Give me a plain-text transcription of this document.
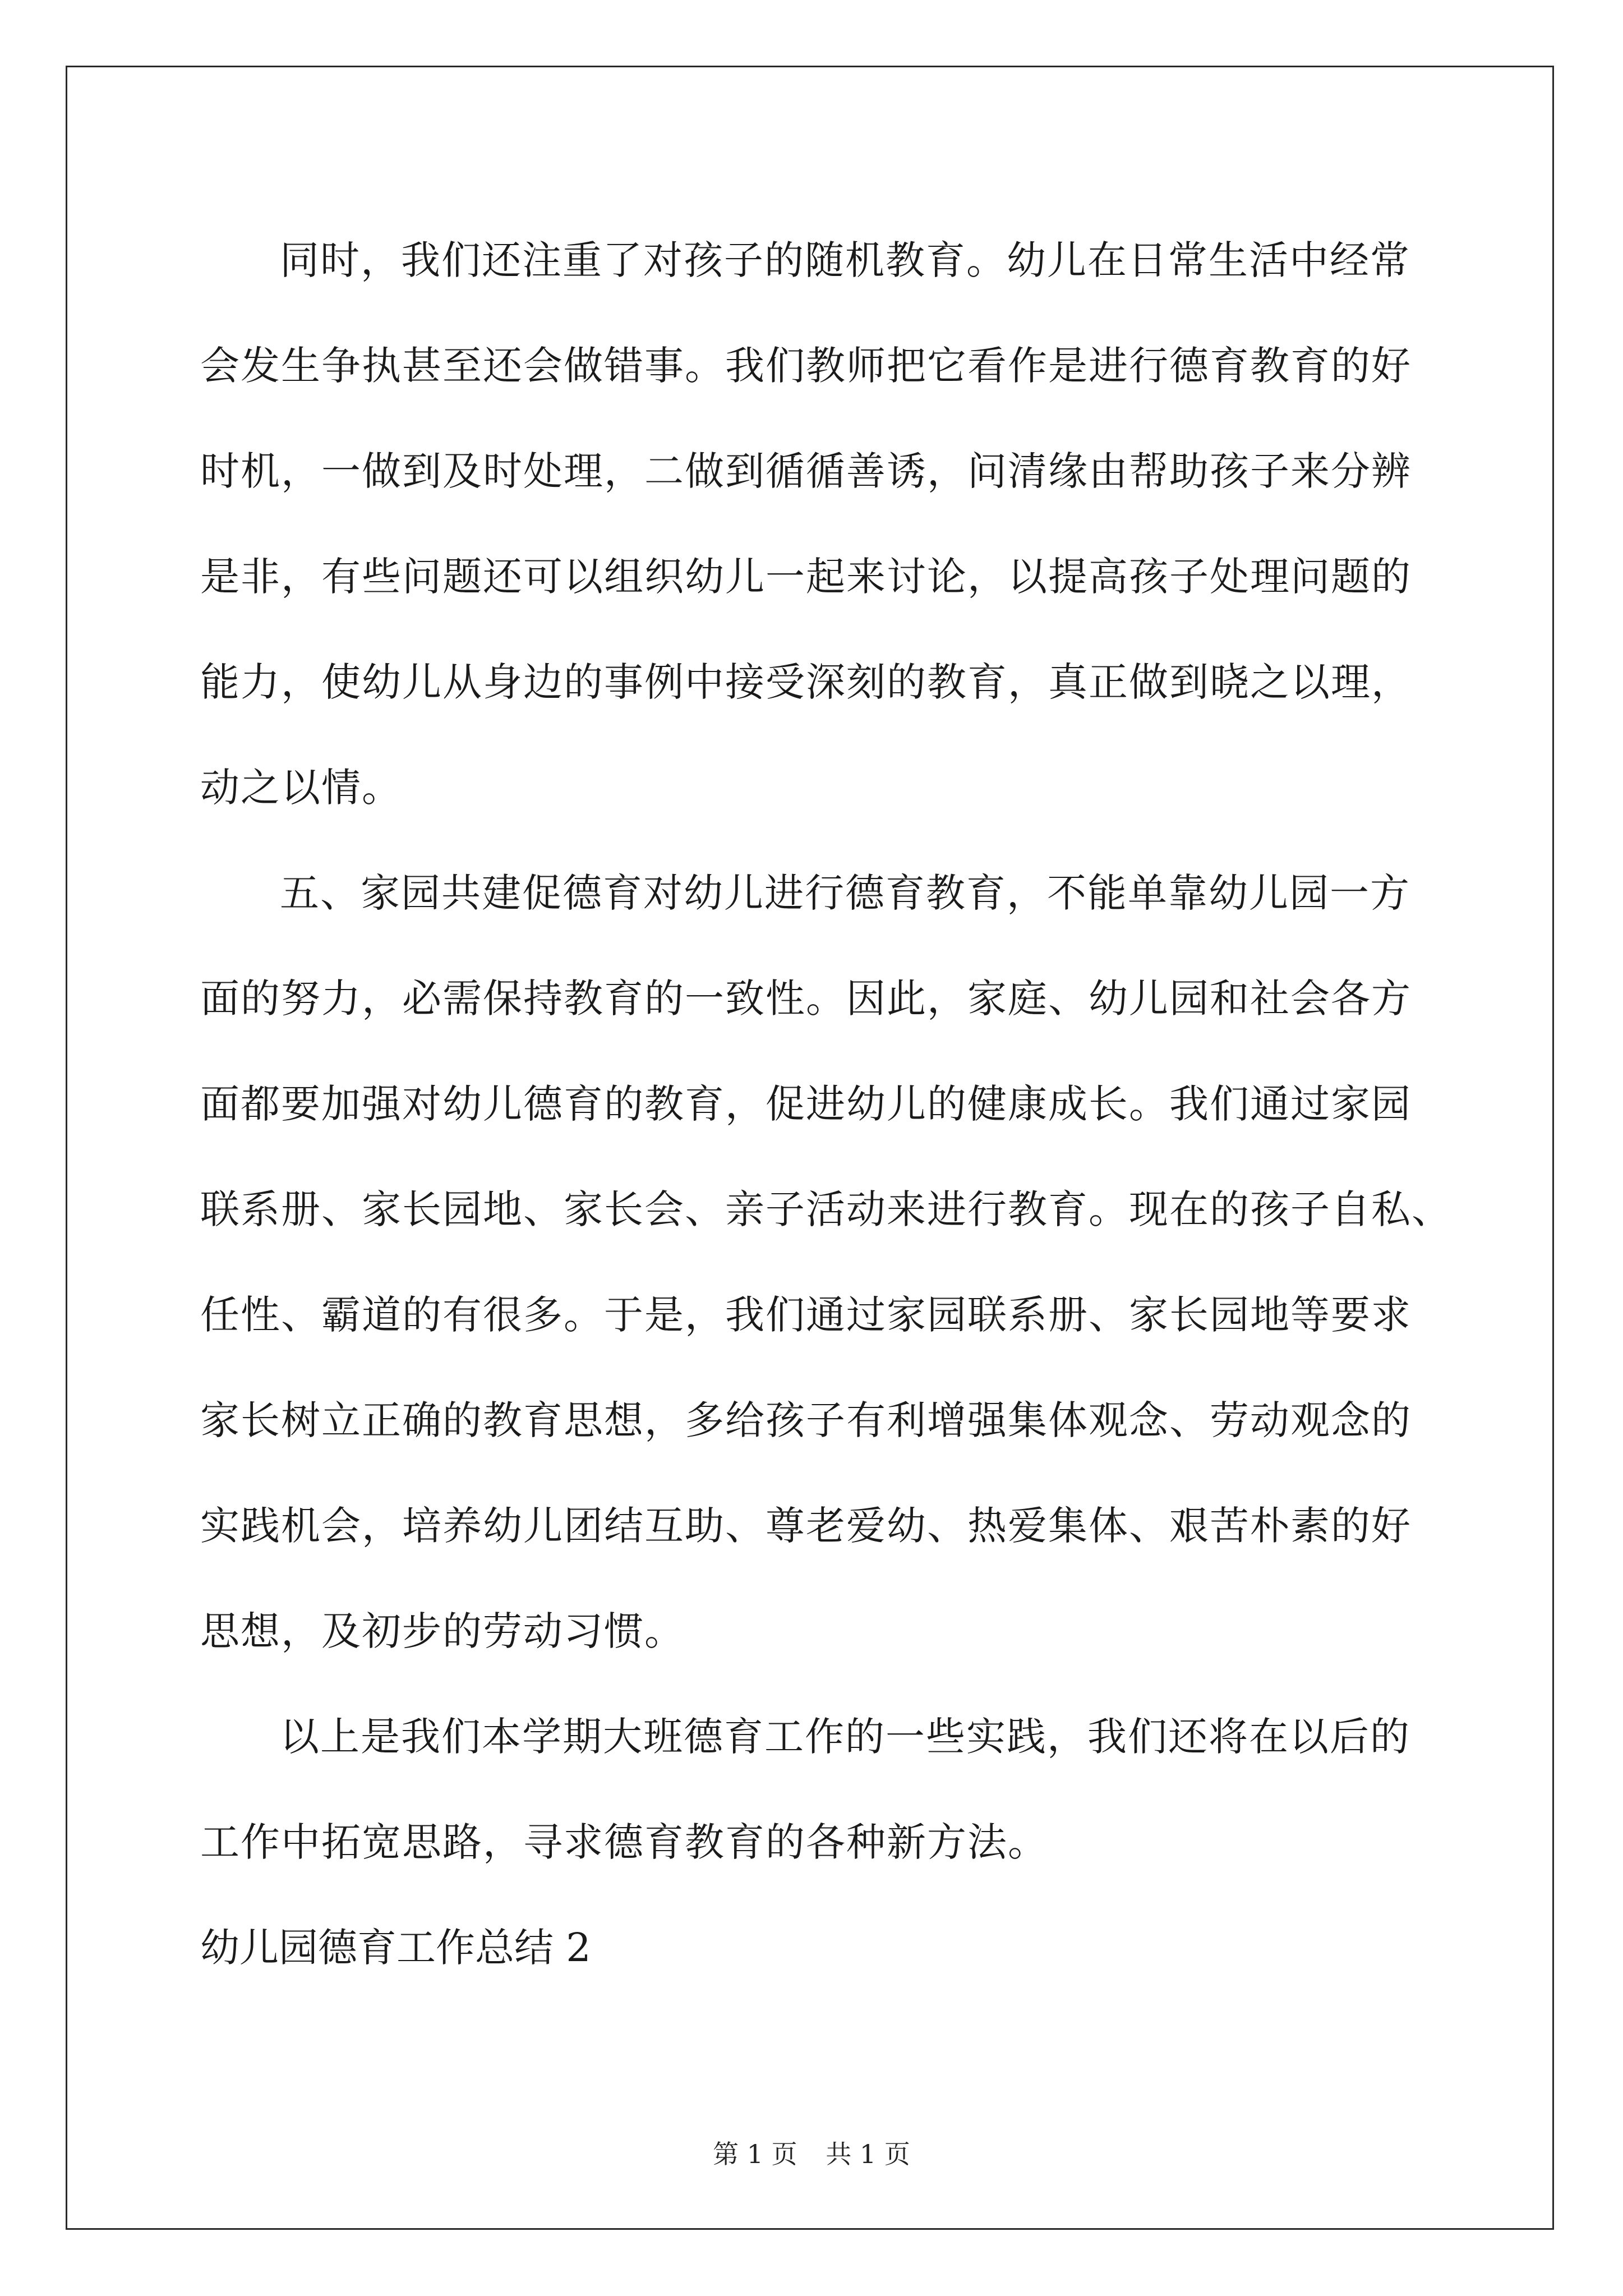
同时，我们还注重了对孩子的随机教育。幼儿在日常生活中经常
会发生争执甚至还会做错事。我们教师把它看作是进行德育教育的好
时机，一做到及时处理，二做到循循善诱，问清缘由帮助孩子来分辨
是非，有些问题还可以组织幼儿一起来讨论，以提高孩子处理问题的
能力，使幼儿从身边的事例中接受深刻的教育，真正做到晓之以理，
动之以情。
五、家园共建促德育对幼儿进行德育教育，不能单靠幼儿园一方
面的努力，必需保持教育的一致性。因此，家庭、幼儿园和社会各方
面都要加强对幼儿德育的教育，促进幼儿的健康成长。我们通过家园
联系册、家长园地、家长会、亲子活动来进行教育。现在的孩子自私、
任性、霸道的有很多。于是，我们通过家园联系册、家长园地等要求
家长树立正确的教育思想，多给孩子有利增强集体观念、劳动观念的
实践机会，培养幼儿团结互助、尊老爱幼、热爱集体、艰苦朴素的好
思想，及初步的劳动习惯。
以上是我们本学期大班德育工作的一些实践，我们还将在以后的
工作中拓宽思路，寻求德育教育的各种新方法。
幼儿园德育工作总结 2
第 1 页 共 1 页
